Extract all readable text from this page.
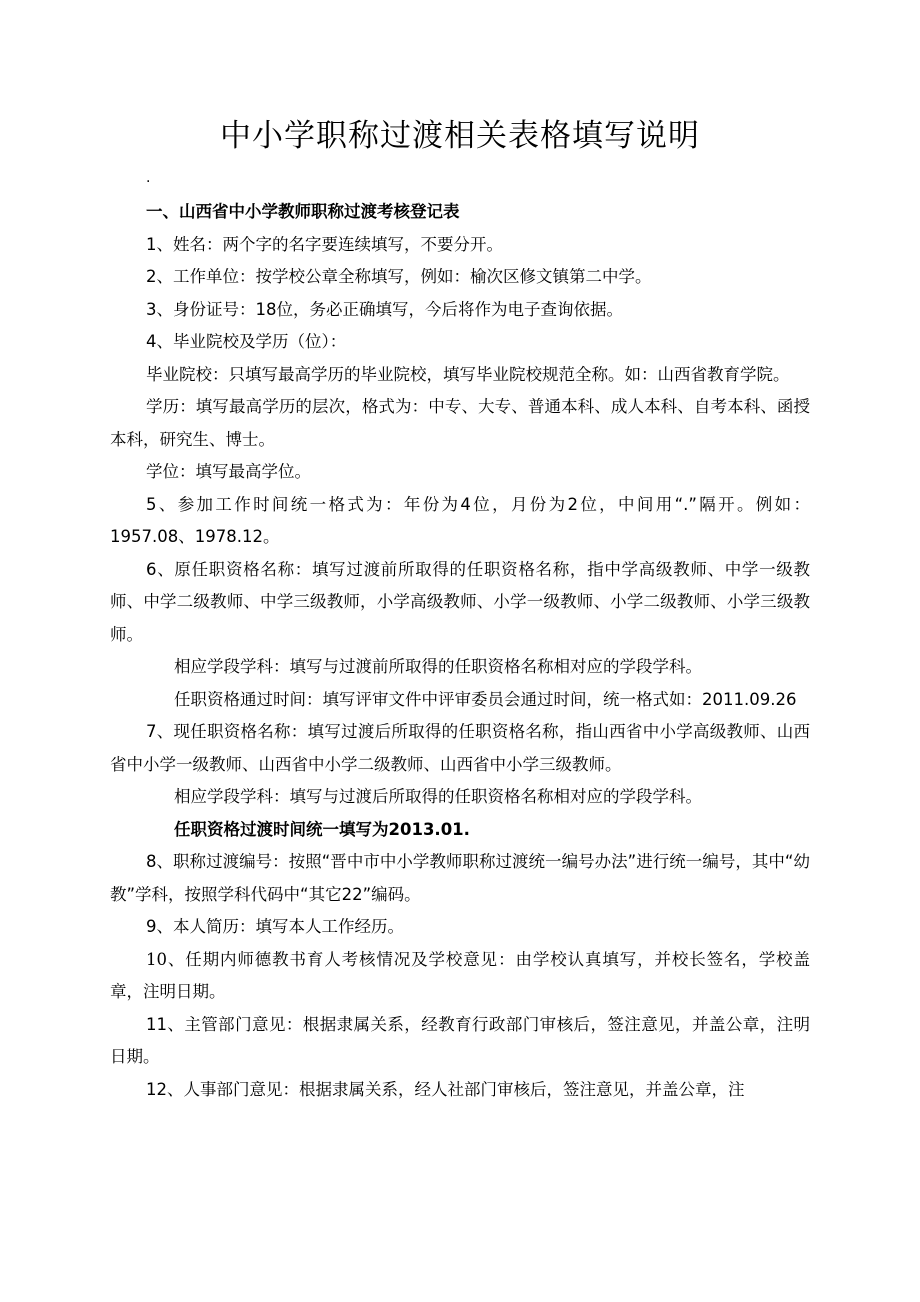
中小学职称过渡相关表格填写说明
.

一、山西省中小学教师职称过渡考核登记表

1、姓名：两个字的名字要连续填写，不要分开。

2、工作单位：按学校公章全称填写，例如：榆次区修文镇第二中学。

3、身份证号：18位，务必正确填写，今后将作为电子查询依据。

4、毕业院校及学历（位）：

毕业院校：只填写最高学历的毕业院校，填写毕业院校规范全称。如：山西省教育学院。

学历：填写最高学历的层次，格式为：中专、大专、普通本科、成人本科、自考本科、函授本科，研究生、博士。

学位：填写最高学位。

5、参加工作时间统一格式为：年份为4位，月份为2位，中间用“.”隔开。例如：1957.08、1978.12。

6、原任职资格名称：填写过渡前所取得的任职资格名称，指中学高级教师、中学一级教师、中学二级教师、中学三级教师，小学高级教师、小学一级教师、小学二级教师、小学三级教师。

相应学段学科：填写与过渡前所取得的任职资格名称相对应的学段学科。

任职资格通过时间：填写评审文件中评审委员会通过时间，统一格式如：2011.09.26

7、现任职资格名称：填写过渡后所取得的任职资格名称，指山西省中小学高级教师、山西省中小学一级教师、山西省中小学二级教师、山西省中小学三级教师。

相应学段学科：填写与过渡后所取得的任职资格名称相对应的学段学科。

任职资格过渡时间统一填写为2013.01.

8、职称过渡编号：按照“晋中市中小学教师职称过渡统一编号办法”进行统一编号，其中“幼教”学科，按照学科代码中“其它22”编码。

9、本人简历：填写本人工作经历。

10、任期内师德教书育人考核情况及学校意见：由学校认真填写，并校长签名，学校盖章，注明日期。

11、主管部门意见：根据隶属关系，经教育行政部门审核后，签注意见，并盖公章，注明日期。

12、人事部门意见：根据隶属关系，经人社部门审核后，签注意见，并盖公章，注
